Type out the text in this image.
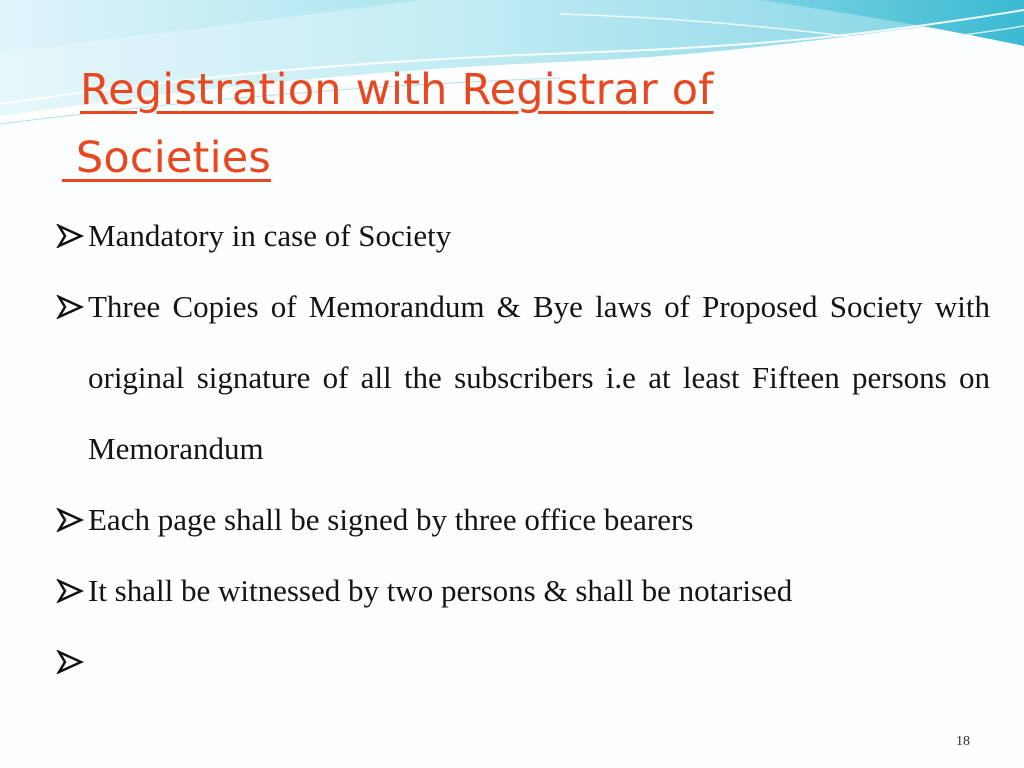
Registration with Registrar of
Societies
Mandatory in case of Society
Three Copies of Memorandum & Bye laws of Proposed Society with original signature of all the subscribers i.e at least Fifteen persons on Memorandum
Each page shall be signed by three office bearers
It shall be witnessed by two persons & shall be notarised
18
